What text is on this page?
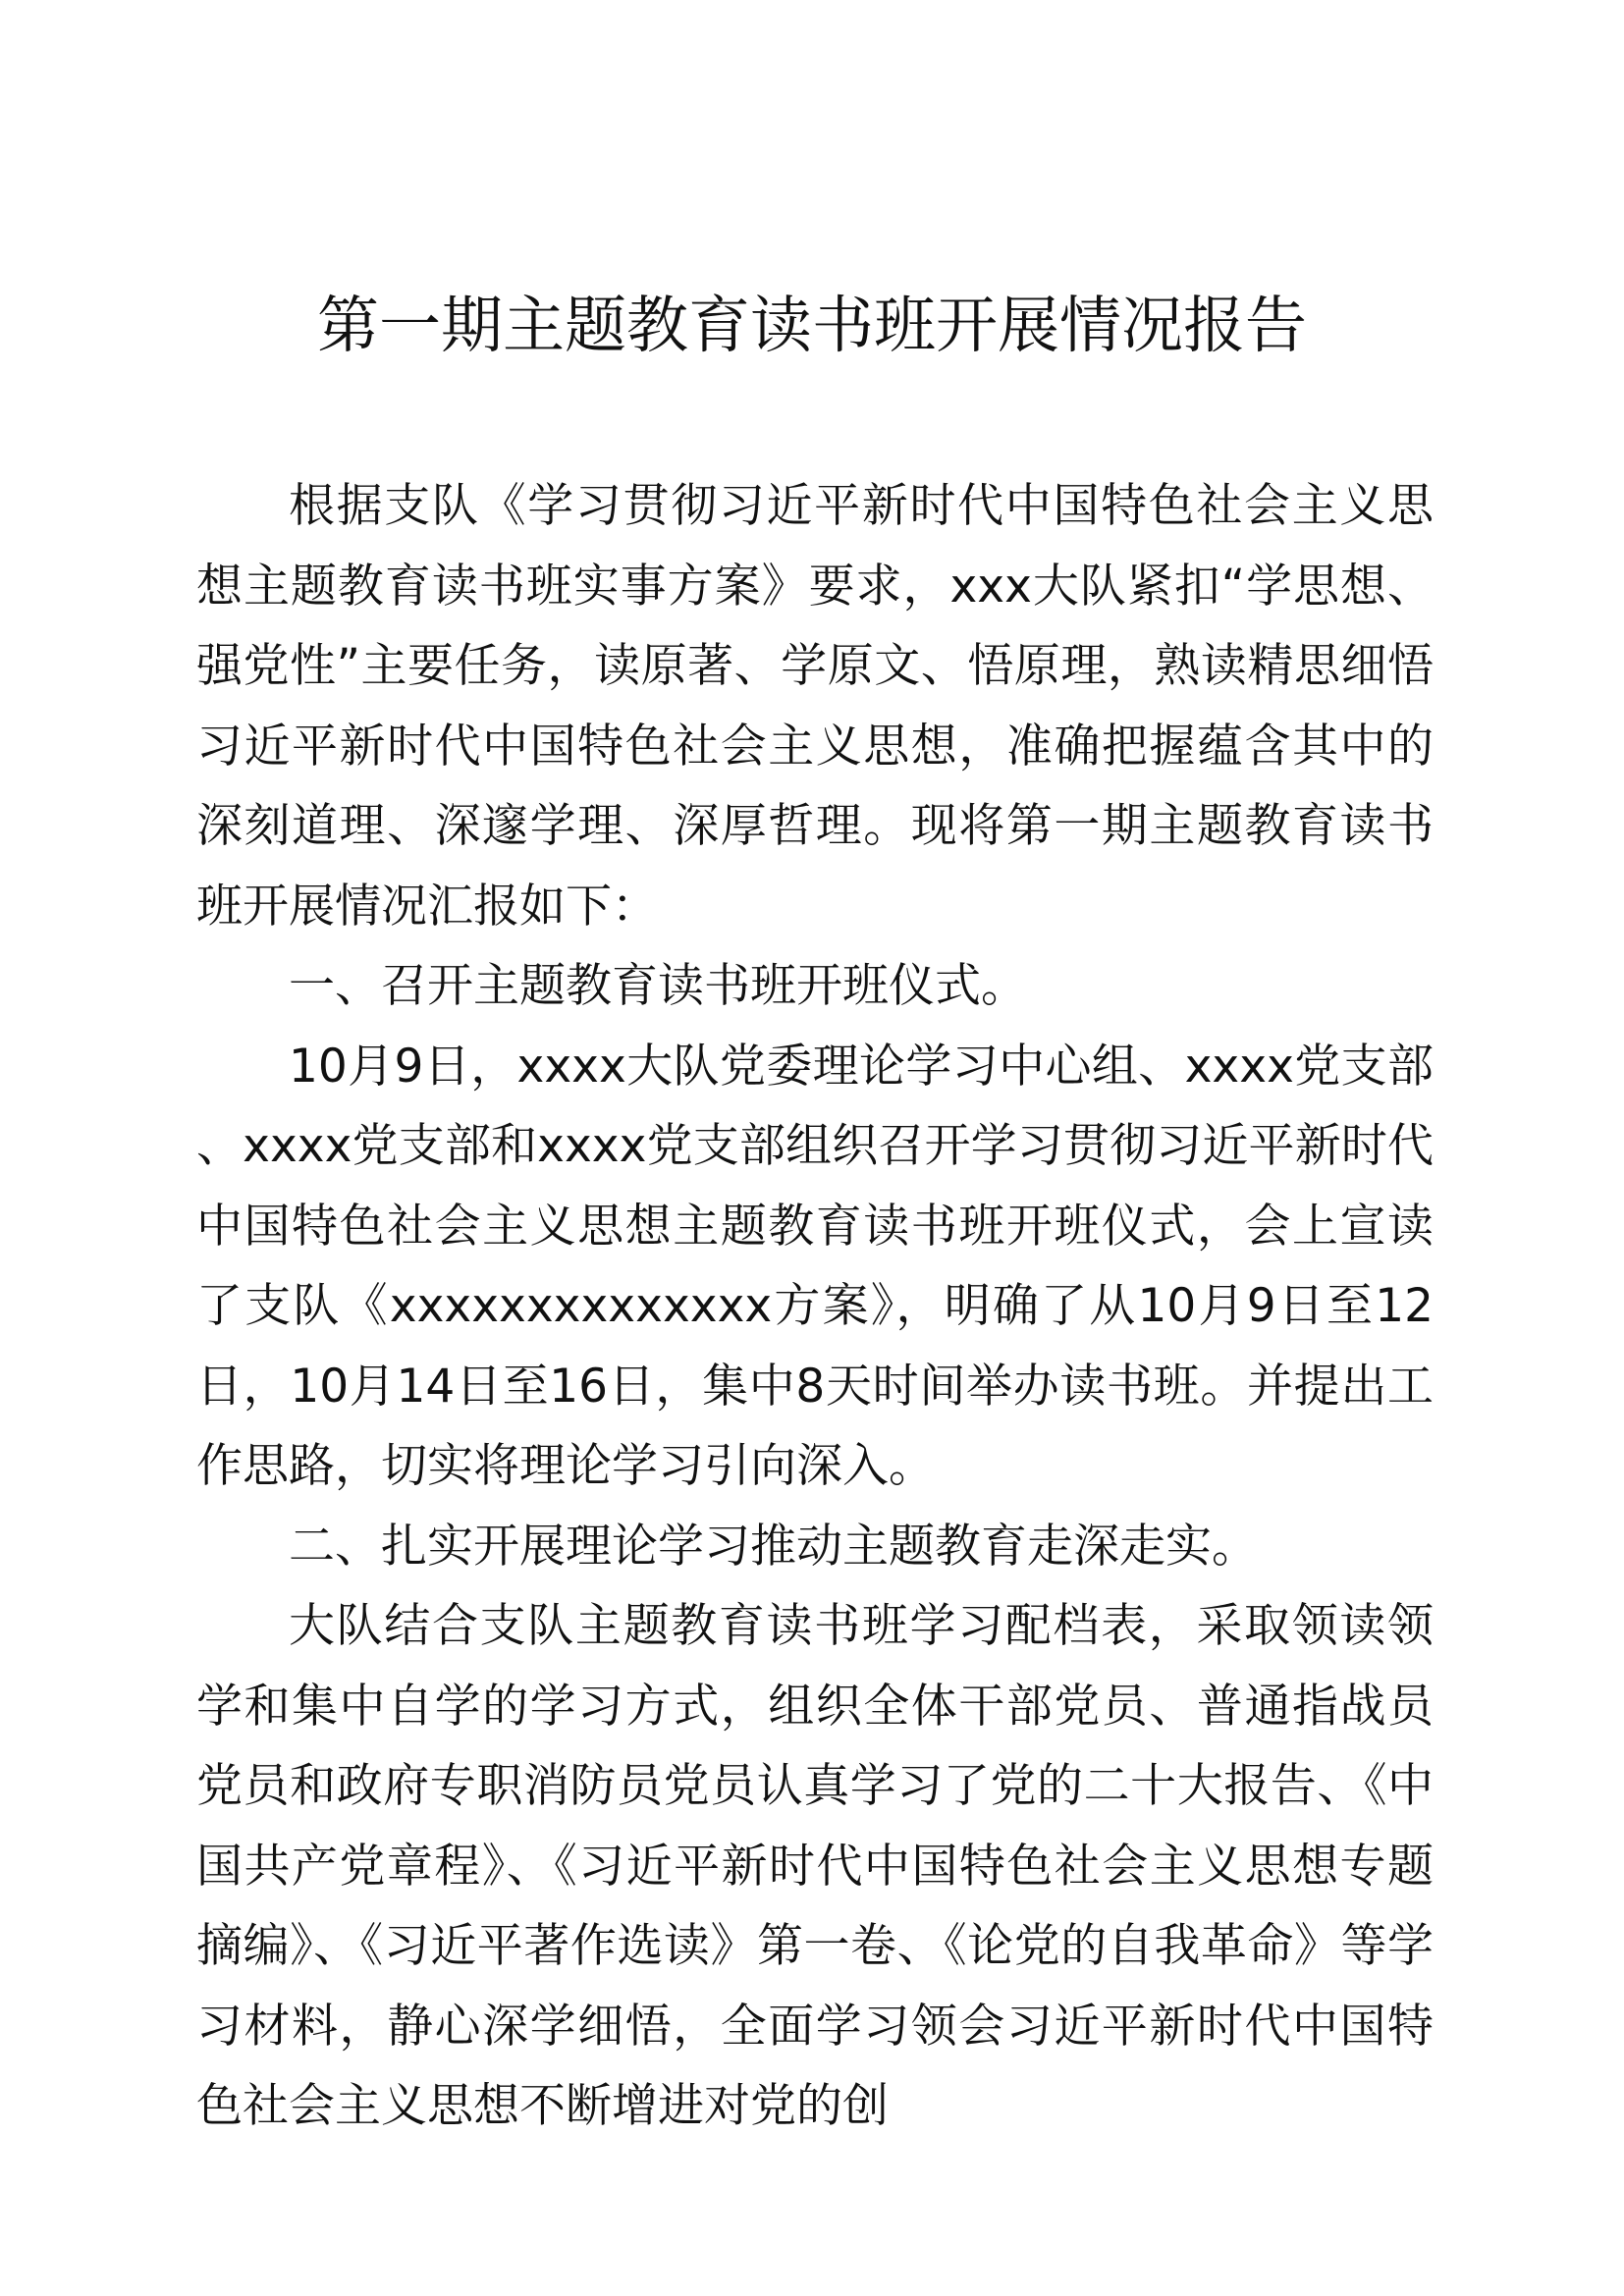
第一期主题教育读书班开展情况报告

根据支队《学习贯彻习近平新时代中国特色社会主义思想主题教育读书班实事方案》要求，xxx大队紧扣“学思想、强党性”主要任务，读原著、学原文、悟原理，熟读精思细悟习近平新时代中国特色社会主义思想，准确把握蕴含其中的深刻道理、深邃学理、深厚哲理。现将第一期主题教育读书班开展情况汇报如下：

一、召开主题教育读书班开班仪式。

10月9日，xxxx大队党委理论学习中心组、xxxx党支部 、xxxx党支部和xxxx党支部组织召开学习贯彻习近平新时代中国特色社会主义思想主题教育读书班开班仪式，会上宣读了支队《xxxxxxxxxxxxxx方案》，明确了从10月9日至12日，10月14日至16日，集中8天时间举办读书班。并提出工作思路，切实将理论学习引向深入。

二、扎实开展理论学习推动主题教育走深走实。

大队结合支队主题教育读书班学习配档表，采取领读领学和集中自学的学习方式，组织全体干部党员、普通指战员党员和政府专职消防员党员认真学习了党的二十大报告、《中国共产党章程》、《习近平新时代中国特色社会主义思想专题摘编》、《习近平著作选读》第一卷、《论党的自我革命》等学习材料，静心深学细悟，全面学习领会习近平新时代中国特色社会主义思想不断增进对党的创
